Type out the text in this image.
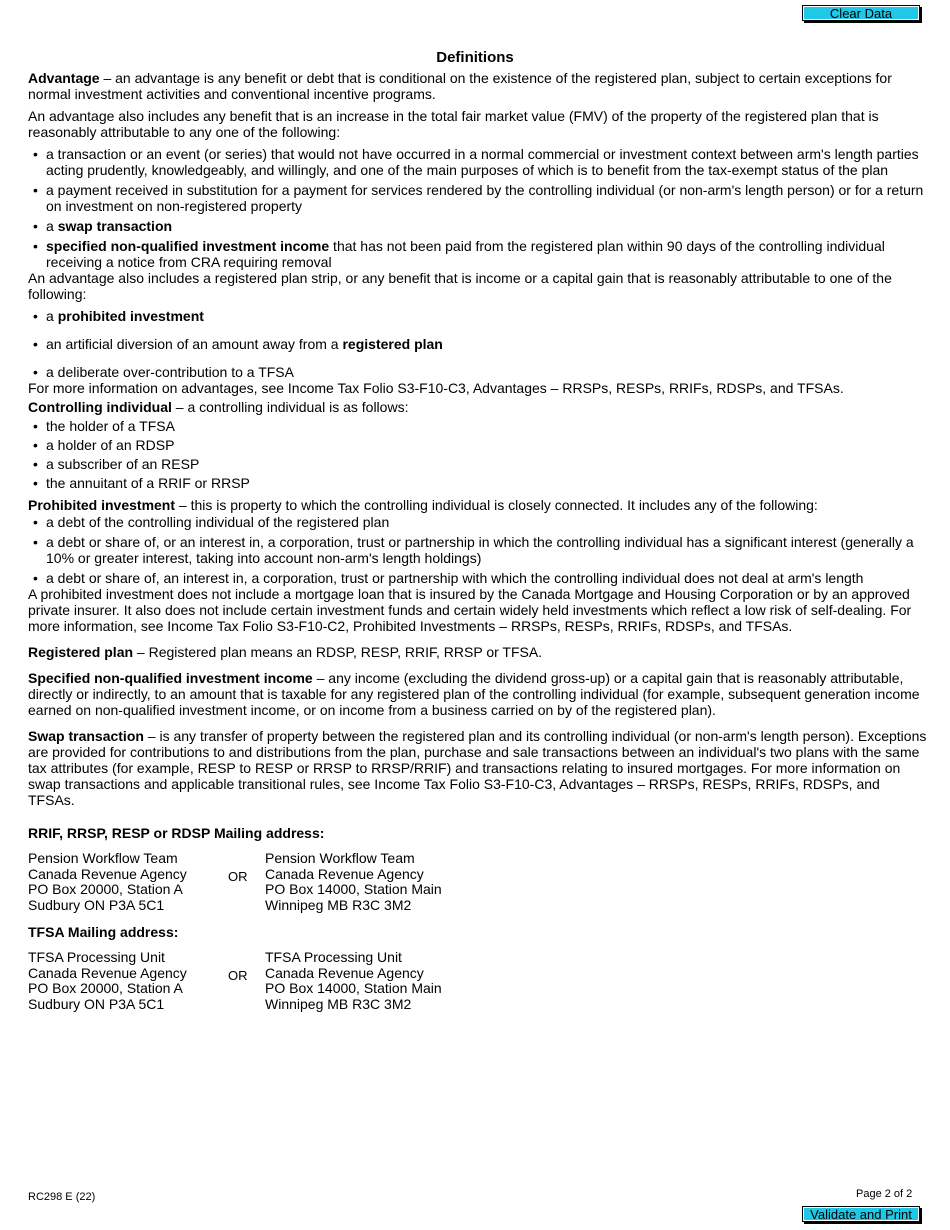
Clear Data
Definitions

Advantage – an advantage is any benefit or debt that is conditional on the existence of the registered plan, subject to certain exceptions for normal investment activities and conventional incentive programs.

An advantage also includes any benefit that is an increase in the total fair market value (FMV) of the property of the registered plan that is reasonably attributable to any one of the following:

• a transaction or an event (or series) that would not have occurred in a normal commercial or investment context between arm's length parties acting prudently, knowledgeably, and willingly, and one of the main purposes of which is to benefit from the tax-exempt status of the plan
• a payment received in substitution for a payment for services rendered by the controlling individual (or non-arm's length person) or for a return on investment on non-registered property
• a swap transaction
• specified non-qualified investment income that has not been paid from the registered plan within 90 days of the controlling individual receiving a notice from CRA requiring removal

An advantage also includes a registered plan strip, or any benefit that is income or a capital gain that is reasonably attributable to one of the following:

• a prohibited investment
• an artificial diversion of an amount away from a registered plan
• a deliberate over-contribution to a TFSA

For more information on advantages, see Income Tax Folio S3-F10-C3, Advantages – RRSPs, RESPs, RRIFs, RDSPs, and TFSAs.

Controlling individual – a controlling individual is as follows:

• the holder of a TFSA
• a holder of an RDSP
• a subscriber of an RESP
• the annuitant of a RRIF or RRSP

Prohibited investment – this is property to which the controlling individual is closely connected. It includes any of the following:

• a debt of the controlling individual of the registered plan
• a debt or share of, or an interest in, a corporation, trust or partnership in which the controlling individual has a significant interest (generally a 10% or greater interest, taking into account non-arm's length holdings)
• a debt or share of, an interest in, a corporation, trust or partnership with which the controlling individual does not deal at arm's length

A prohibited investment does not include a mortgage loan that is insured by the Canada Mortgage and Housing Corporation or by an approved private insurer. It also does not include certain investment funds and certain widely held investments which reflect a low risk of self-dealing. For more information, see Income Tax Folio S3-F10-C2, Prohibited Investments – RRSPs, RESPs, RRIFs, RDSPs, and TFSAs.

Registered plan – Registered plan means an RDSP, RESP, RRIF, RRSP or TFSA.

Specified non-qualified investment income – any income (excluding the dividend gross-up) or a capital gain that is reasonably attributable, directly or indirectly, to an amount that is taxable for any registered plan of the controlling individual (for example, subsequent generation income earned on non-qualified investment income, or on income from a business carried on by of the registered plan).

Swap transaction – is any transfer of property between the registered plan and its controlling individual (or non-arm's length person). Exceptions are provided for contributions to and distributions from the plan, purchase and sale transactions between an individual's two plans with the same tax attributes (for example, RESP to RESP or RRSP to RRSP/RRIF) and transactions relating to insured mortgages. For more information on swap transactions and applicable transitional rules, see Income Tax Folio S3-F10-C3, Advantages – RRSPs, RESPs, RRIFs, RDSPs, and TFSAs.

RRIF, RRSP, RESP or RDSP Mailing address:

Pension Workflow Team
Canada Revenue Agency
PO Box 20000, Station A
Sudbury ON P3A 5C1
OR
Pension Workflow Team
Canada Revenue Agency
PO Box 14000, Station Main
Winnipeg MB R3C 3M2

TFSA Mailing address:

TFSA Processing Unit
Canada Revenue Agency
PO Box 20000, Station A
Sudbury ON P3A 5C1
OR
TFSA Processing Unit
Canada Revenue Agency
PO Box 14000, Station Main
Winnipeg MB R3C 3M2
RC298 E (22)	Page 2 of 2
Validate and Print
